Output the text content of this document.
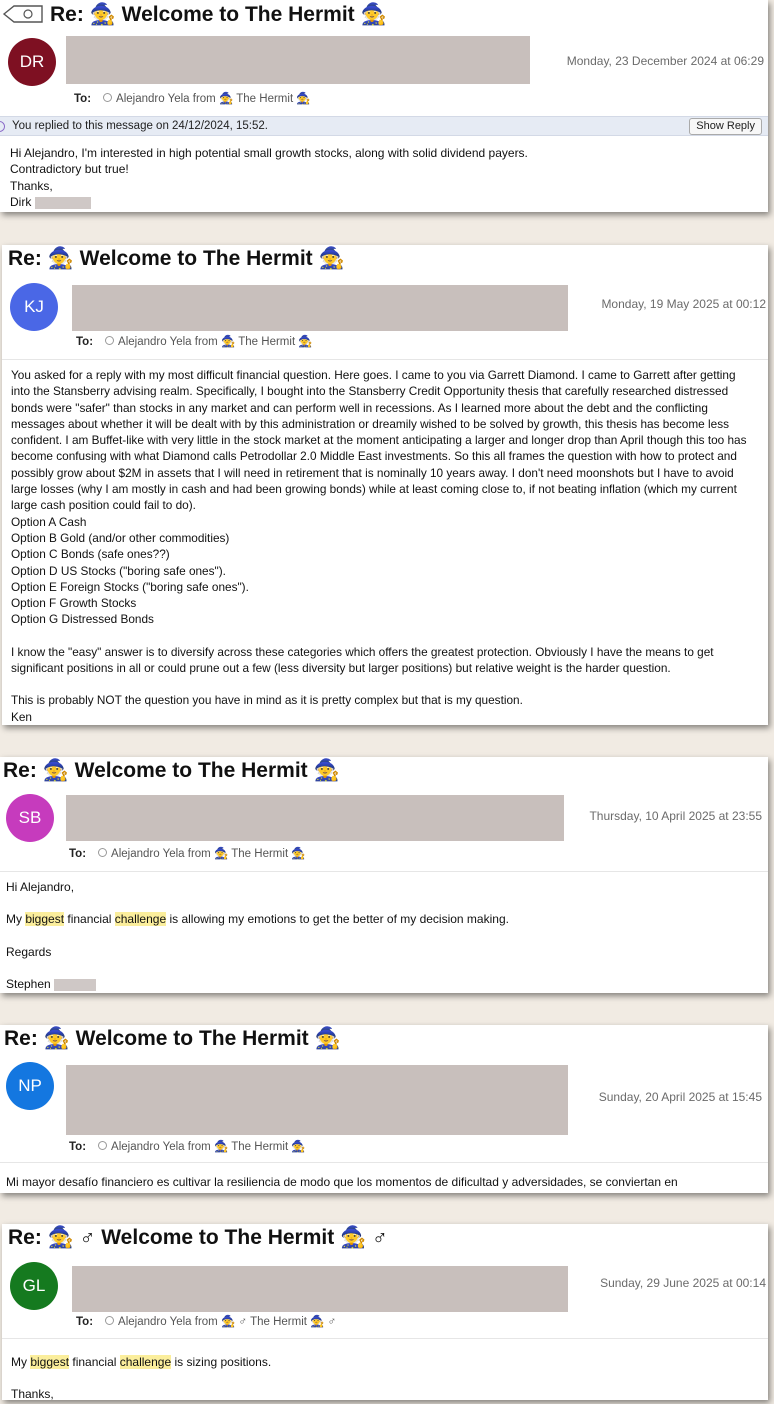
Re: 🧙 Welcome to The Hermit 🧙
DR	Monday, 23 December 2024 at 06:29
To: Alejandro Yela from 🧙 The Hermit 🧙
You replied to this message on 24/12/2024, 15:52.	Show Reply

Hi Alejandro, I'm interested in high potential small growth stocks, along with solid dividend payers.

Contradictory but true!

Thanks,

Dirk

Re: 🧙 Welcome to The Hermit 🧙
KJ	Monday, 19 May 2025 at 00:12
To: Alejandro Yela from 🧙 The Hermit 🧙

You asked for a reply with my most difficult financial question. Here goes. I came to you via Garrett Diamond. I came to Garrett after getting into the Stansberry advising realm. Specifically, I bought into the Stansberry Credit Opportunity thesis that carefully researched distressed bonds were "safer" than stocks in any market and can perform well in recessions. As I learned more about the debt and the conflicting messages about whether it will be dealt with by this administration or dreamily wished to be solved by growth, this thesis has become less confident. I am Buffet-like with very little in the stock market at the moment anticipating a larger and longer drop than April though this too has become confusing with what Diamond calls Petrodollar 2.0 Middle East investments. So this all frames the question with how to protect and possibly grow about $2M in assets that I will need in retirement that is nominally 10 years away. I don't need moonshots but I have to avoid large losses (why I am mostly in cash and had been growing bonds) while at least coming close to, if not beating inflation (which my current large cash position could fail to do).

Option A Cash

Option B Gold (and/or other commodities)

Option C Bonds (safe ones??)

Option D US Stocks ("boring safe ones").

Option E Foreign Stocks ("boring safe ones").

Option F Growth Stocks

Option G Distressed Bonds

I know the "easy" answer is to diversify across these categories which offers the greatest protection. Obviously I have the means to get significant positions in all or could prune out a few (less diversity but larger positions) but relative weight is the harder question.

This is probably NOT the question you have in mind as it is pretty complex but that is my question.

Ken

Re: 🧙 Welcome to The Hermit 🧙
SB	Thursday, 10 April 2025 at 23:55
To: Alejandro Yela from 🧙 The Hermit 🧙

Hi Alejandro,

My biggest financial challenge is allowing my emotions to get the better of my decision making.

Regards

Stephen

Re: 🧙 Welcome to The Hermit 🧙
NP
Sunday, 20 April 2025 at 15:45
To: Alejandro Yela from 🧙 The Hermit 🧙

Mi mayor desafío financiero es cultivar la resiliencia de modo que los momentos de dificultad y adversidades, se conviertan en

Re: 🧙 ♂ Welcome to The Hermit 🧙 ♂
GL	Sunday, 29 June 2025 at 00:14
To: Alejandro Yela from 🧙 ♂ The Hermit 🧙 ♂

My biggest financial challenge is sizing positions.

Thanks,
